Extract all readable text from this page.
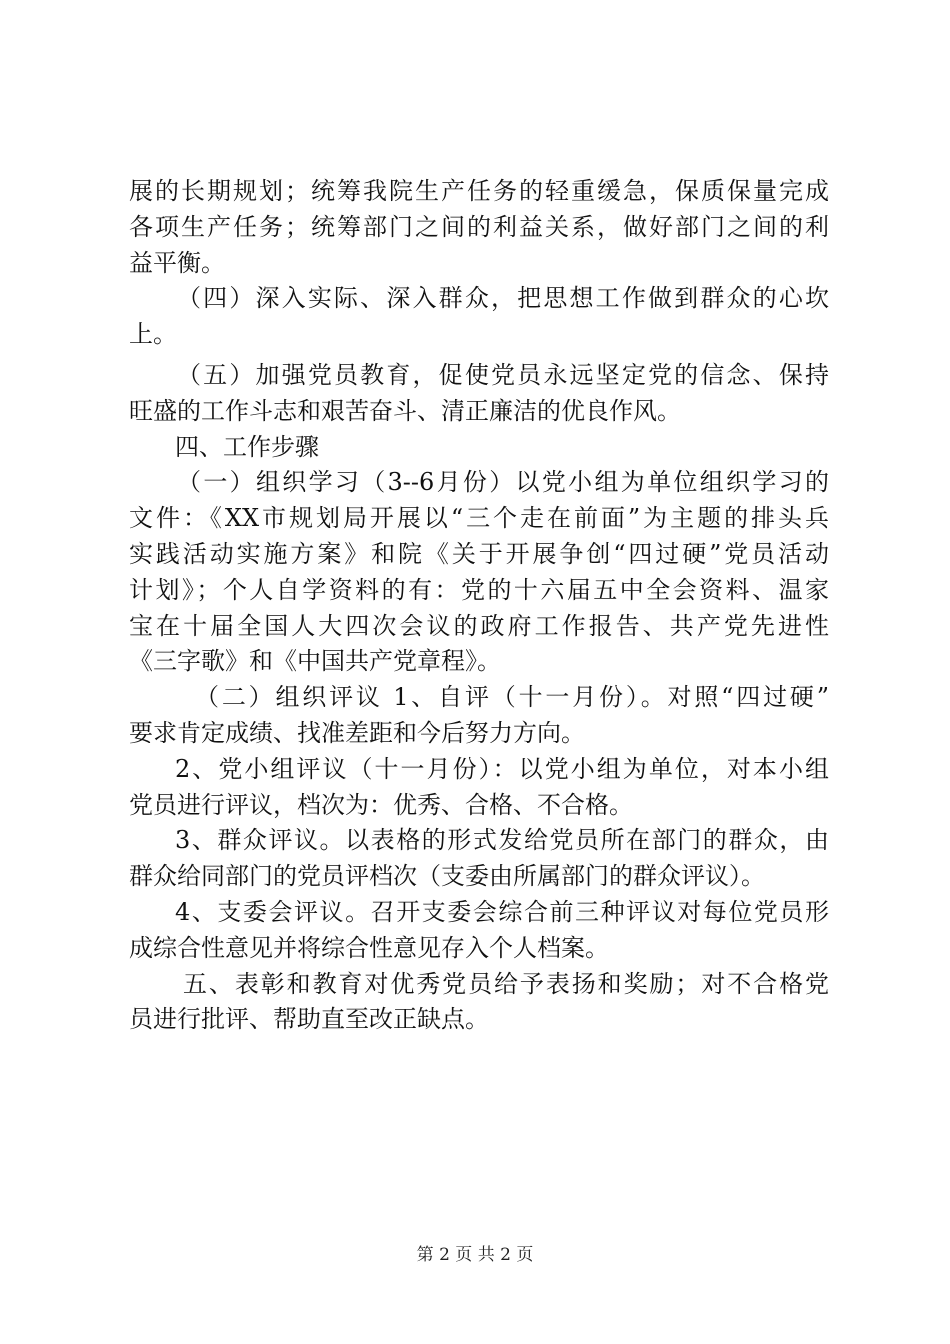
展的长期规划；统筹我院生产任务的轻重缓急，保质保量完成
各项生产任务；统筹部门之间的利益关系，做好部门之间的利
益平衡。
（四）深入实际、深入群众，把思想工作做到群众的心坎
上。
（五）加强党员教育，促使党员永远坚定党的信念、保持
旺盛的工作斗志和艰苦奋斗、清正廉洁的优良作风。
四、工作步骤
（一）组织学习（3--6月份）以党小组为单位组织学习的
文件：《XX市规划局开展以“三个走在前面”为主题的排头兵
实践活动实施方案》和院《关于开展争创“四过硬”党员活动
计划》；个人自学资料的有：党的十六届五中全会资料、温家
宝在十届全国人大四次会议的政府工作报告、共产党先进性
《三字歌》和《中国共产党章程》。
（二）组织评议 1、自评（十一月份）。对照“四过硬”
要求肯定成绩、找准差距和今后努力方向。
2、党小组评议（十一月份）：以党小组为单位，对本小组
党员进行评议，档次为：优秀、合格、不合格。
3、群众评议。以表格的形式发给党员所在部门的群众，由
群众给同部门的党员评档次（支委由所属部门的群众评议）。
4、支委会评议。召开支委会综合前三种评议对每位党员形
成综合性意见并将综合性意见存入个人档案。
五、表彰和教育对优秀党员给予表扬和奖励；对不合格党
员进行批评、帮助直至改正缺点。
第 2 页 共 2 页
